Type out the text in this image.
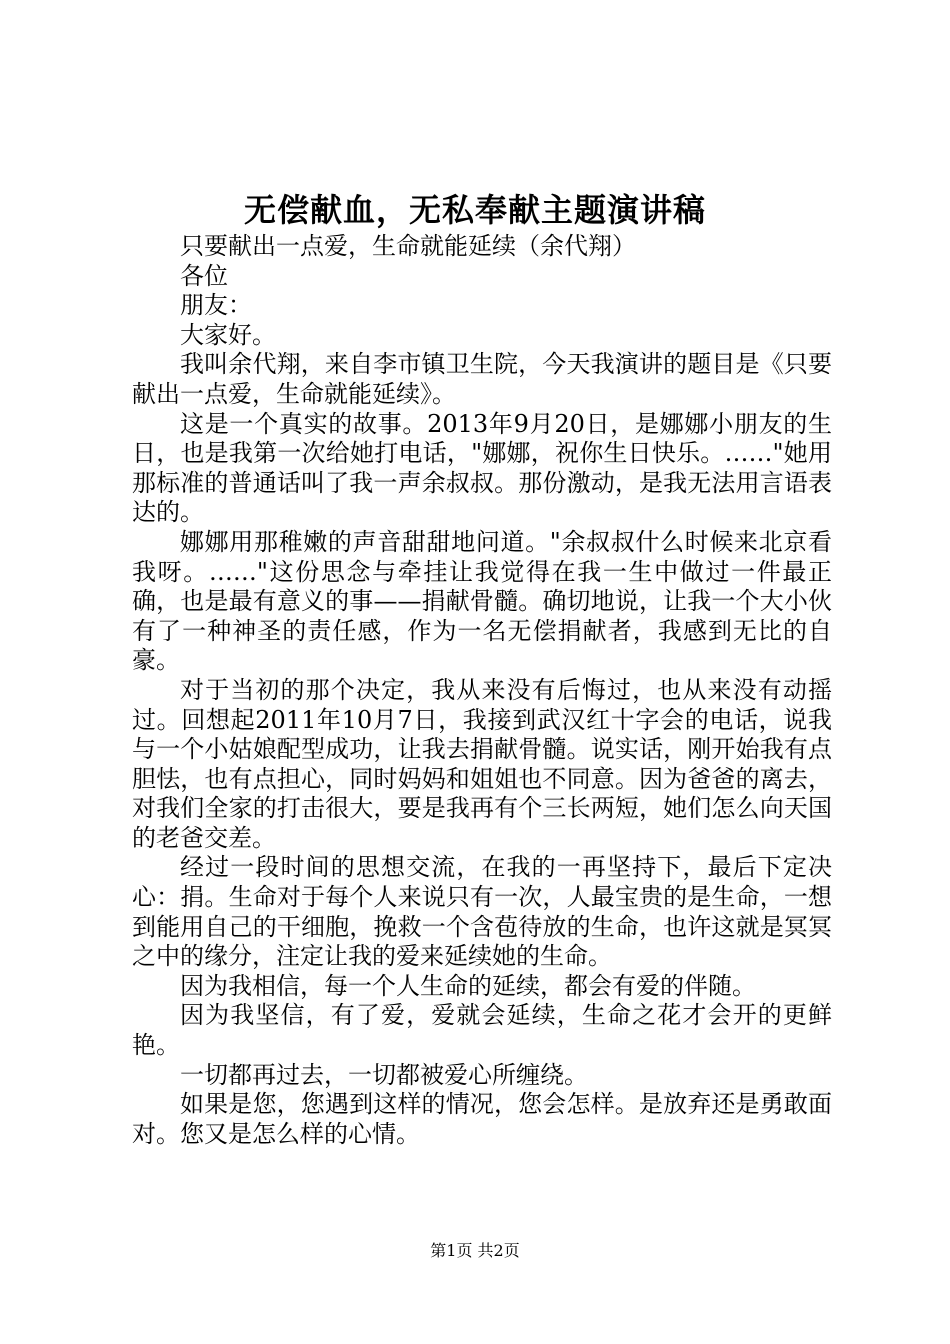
无偿献血，无私奉献主题演讲稿

只要献出一点爱，生命就能延续（余代翔）

各位

朋友：

大家好。

我叫余代翔，来自李市镇卫生院，今天我演讲的题目是《只要献出一点爱，生命就能延续》。

这是一个真实的故事。2013年9月20日，是娜娜小朋友的生日，也是我第一次给她打电话，"娜娜，祝你生日快乐。……"她用那标准的普通话叫了我一声余叔叔。那份激动，是我无法用言语表达的。

娜娜用那稚嫩的声音甜甜地问道。"余叔叔什么时候来北京看我呀。……"这份思念与牵挂让我觉得在我一生中做过一件最正确，也是最有意义的事——捐献骨髓。确切地说，让我一个大小伙有了一种神圣的责任感，作为一名无偿捐献者，我感到无比的自豪。

对于当初的那个决定，我从来没有后悔过，也从来没有动摇过。回想起2011年10月7日，我接到武汉红十字会的电话，说我与一个小姑娘配型成功，让我去捐献骨髓。说实话，刚开始我有点胆怯，也有点担心，同时妈妈和姐姐也不同意。因为爸爸的离去，对我们全家的打击很大，要是我再有个三长两短，她们怎么向天国的老爸交差。

经过一段时间的思想交流，在我的一再坚持下，最后下定决心：捐。生命对于每个人来说只有一次，人最宝贵的是生命，一想到能用自己的干细胞，挽救一个含苞待放的生命，也许这就是冥冥之中的缘分，注定让我的爱来延续她的生命。

因为我相信，每一个人生命的延续，都会有爱的伴随。

因为我坚信，有了爱，爱就会延续，生命之花才会开的更鲜艳。

一切都再过去，一切都被爱心所缠绕。

如果是您，您遇到这样的情况，您会怎样。是放弃还是勇敢面对。您又是怎么样的心情。

第1页 共2页
